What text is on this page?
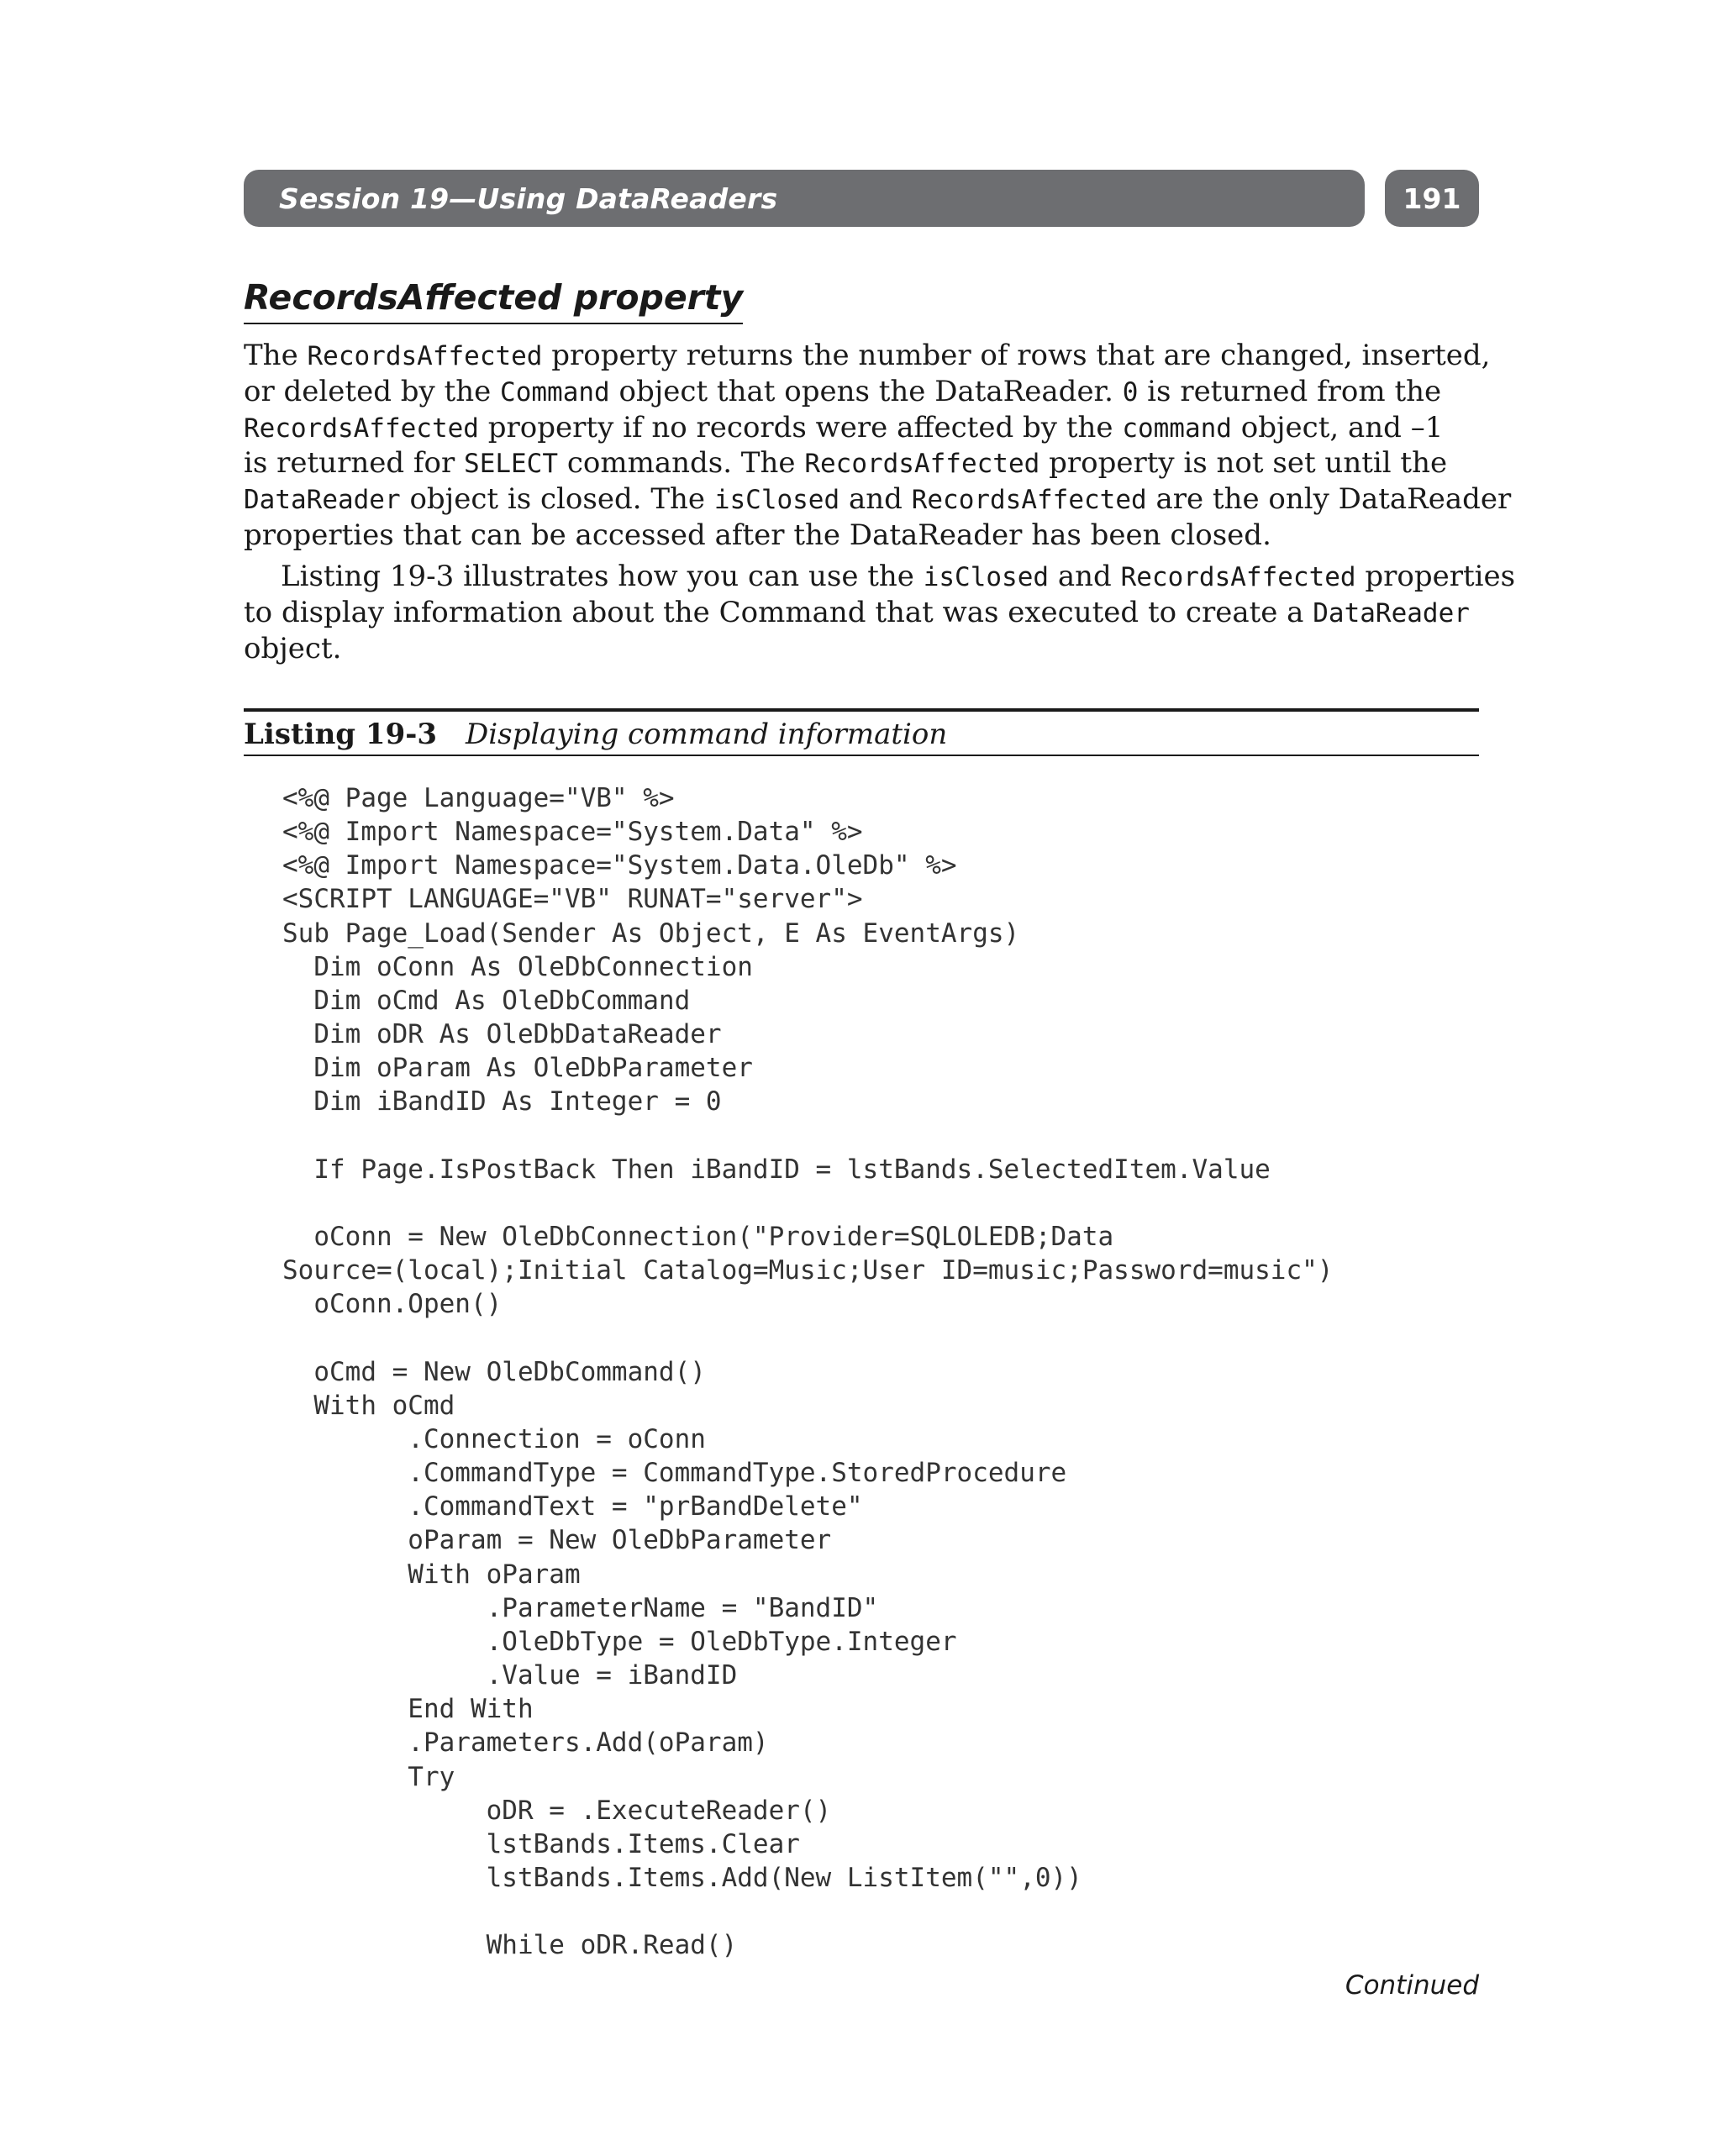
Session 19—Using DataReaders	191
RecordsAffected property

The RecordsAffected property returns the number of rows that are changed, inserted,
or deleted by the Command object that opens the DataReader. 0 is returned from the
RecordsAffected property if no records were affected by the command object, and –1
is returned for SELECT commands. The RecordsAffected property is not set until the
DataReader object is closed. The isClosed and RecordsAffected are the only DataReader
properties that can be accessed after the DataReader has been closed.

Listing 19-3 illustrates how you can use the isClosed and RecordsAffected properties
to display information about the Command that was executed to create a DataReader
object.

Listing 19-3 Displaying command information
<%@ Page Language="VB" %>
<%@ Import Namespace="System.Data" %>
<%@ Import Namespace="System.Data.OleDb" %>
<SCRIPT LANGUAGE="VB" RUNAT="server">
Sub Page_Load(Sender As Object, E As EventArgs)
Dim oConn As OleDbConnection
Dim oCmd As OleDbCommand
Dim oDR As OleDbDataReader
Dim oParam As OleDbParameter
Dim iBandID As Integer = 0

If Page.IsPostBack Then iBandID = lstBands.SelectedItem.Value

oConn = New OleDbConnection("Provider=SQLOLEDB;Data
Source=(local);Initial Catalog=Music;User ID=music;Password=music")
oConn.Open()

oCmd = New OleDbCommand()
With oCmd
.Connection = oConn
.CommandType = CommandType.StoredProcedure
.CommandText = "prBandDelete"
oParam = New OleDbParameter
With oParam
.ParameterName = "BandID"
.OleDbType = OleDbType.Integer
.Value = iBandID
End With
.Parameters.Add(oParam)
Try
oDR = .ExecuteReader()
lstBands.Items.Clear
lstBands.Items.Add(New ListItem("",0))

While oDR.Read()
Continued
